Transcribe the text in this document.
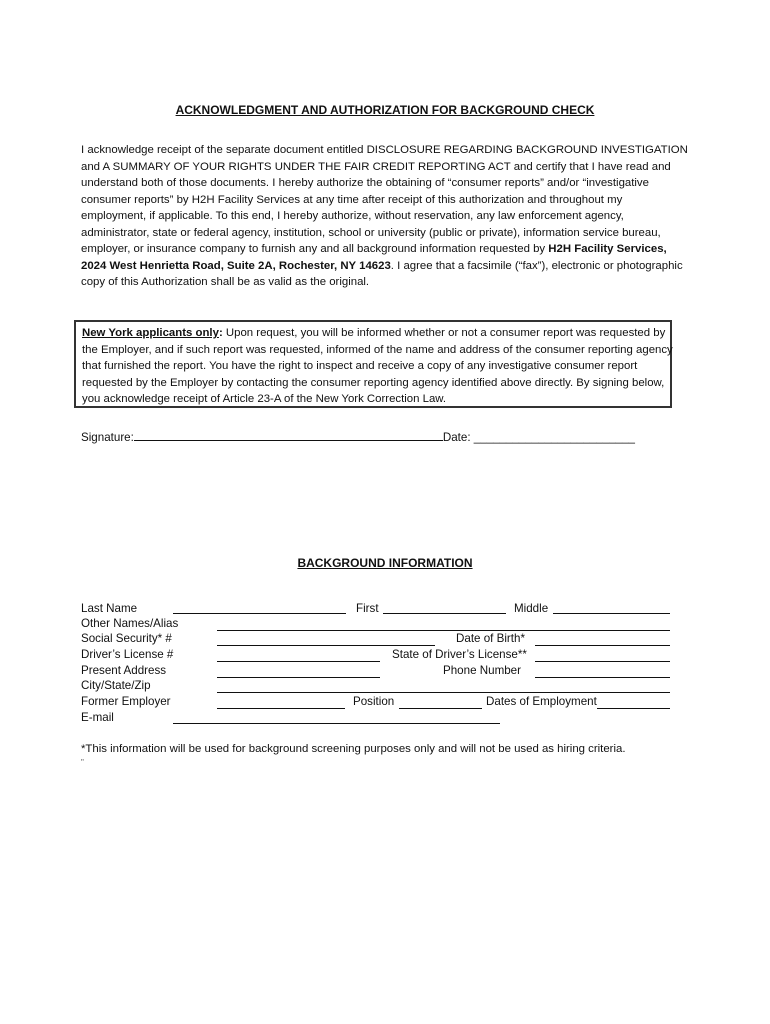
ACKNOWLEDGMENT AND AUTHORIZATION FOR BACKGROUND CHECK
I acknowledge receipt of the separate document entitled DISCLOSURE REGARDING BACKGROUND INVESTIGATION
and A SUMMARY OF YOUR RIGHTS UNDER THE FAIR CREDIT REPORTING ACT and certify that I have read and
understand both of those documents. I hereby authorize the obtaining of “consumer reports” and/or “investigative
consumer reports” by H2H Facility Services at any time after receipt of this authorization and throughout my
employment, if applicable. To this end, I hereby authorize, without reservation, any law enforcement agency,
administrator, state or federal agency, institution, school or university (public or private), information service bureau,
employer, or insurance company to furnish any and all background information requested by H2H Facility Services,
2024 West Henrietta Road, Suite 2A, Rochester, NY 14623. I agree that a facsimile (“fax”), electronic or photographic
copy of this Authorization shall be as valid as the original.
New York applicants only: Upon request, you will be informed whether or not a consumer report was requested by
the Employer, and if such report was requested, informed of the name and address of the consumer reporting agency
that furnished the report. You have the right to inspect and receive a copy of any investigative consumer report
requested by the Employer by contacting the consumer reporting agency identified above directly. By signing below,
you acknowledge receipt of Article 23-A of the New York Correction Law.
Signature:	Date: _________________________
BACKGROUND INFORMATION
Last Name	First	Middle
Other Names/Alias
Social Security* #	Date of Birth*
Driver’s License #	State of Driver’s License**
Present Address	Phone Number
City/State/Zip
Former Employer	Position	Dates of Employment
E-mail
*This information will be used for background screening purposes only and will not be used as hiring criteria.
"
